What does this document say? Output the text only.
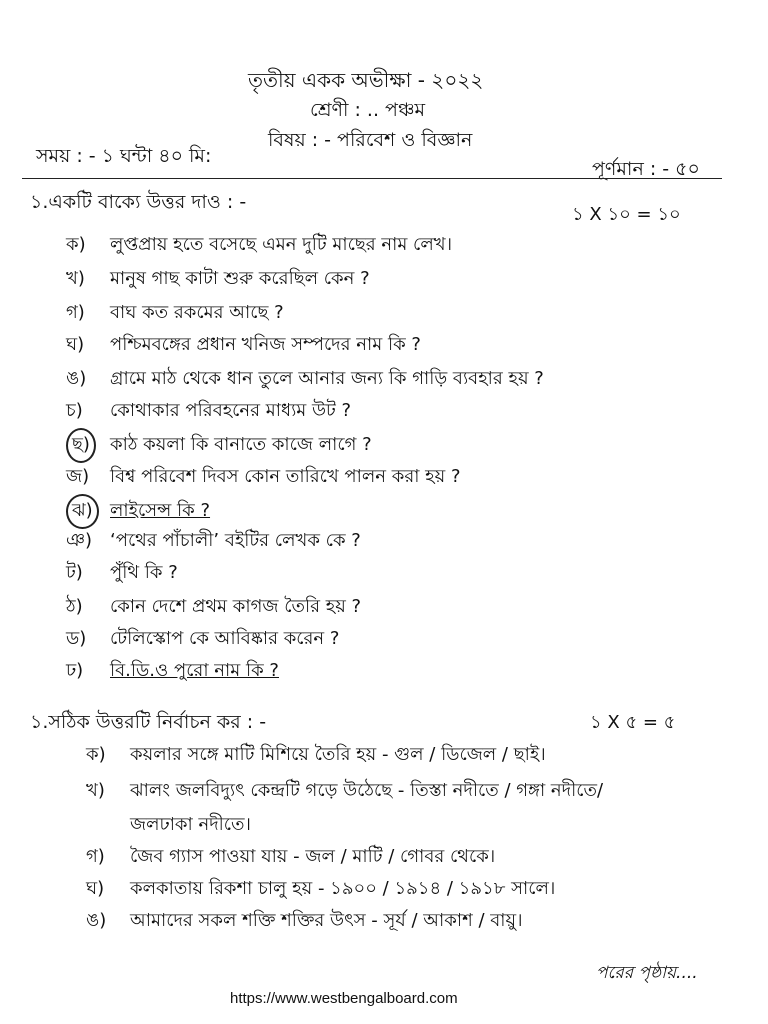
তৃতীয় একক অভীক্ষা - ২০২২
শ্রেণী : .. পঞ্চম
বিষয় : - পরিবেশ ও বিজ্ঞান
সময় : - ১ ঘন্টা ৪০ মি:
পূর্ণমান : - ৫০
১.একটি বাক্যে উত্তর দাও : -
১ X ১০ = ১০
ক) লুপ্তপ্রায় হতে বসেছে এমন দুটি মাছের নাম লেখ।
খ) মানুষ গাছ কাটা শুরু করেছিল কেন ?
গ) বাঘ কত রকমের আছে ?
ঘ) পশ্চিমবঙ্গের প্রধান খনিজ সম্পদের নাম কি ?
ঙ) গ্রামে মাঠ থেকে ধান তুলে আনার জন্য কি গাড়ি ব্যবহার হয় ?
চ) কোথাকার পরিবহনের মাধ্যম উট ?
ছ) কাঠ কয়লা কি বানাতে কাজে লাগে ?
জ) বিশ্ব পরিবেশ দিবস কোন তারিখে পালন করা হয় ?
ঝ) লাইসেন্স কি ?
ঞ) ‘পথের পাঁচালী’ বইটির লেখক কে ?
ট) পুঁথি কি ?
ঠ) কোন দেশে প্রথম কাগজ তৈরি হয় ?
ড) টেলিস্কোপ কে আবিষ্কার করেন ?
ঢ) বি.ডি.ও পুরো নাম কি ?
১.সঠিক উত্তরটি নির্বাচন কর : -	১ X ৫ = ৫
ক) কয়লার সঙ্গে মাটি মিশিয়ে তৈরি হয় - গুল / ডিজেল / ছাই।
খ) ঝালং জলবিদ্যুৎ কেন্দ্রটি গড়ে উঠেছে - তিস্তা নদীতে / গঙ্গা নদীতে/
জলঢাকা নদীতে।
গ) জৈব গ্যাস পাওয়া যায় - জল / মাটি / গোবর থেকে।
ঘ) কলকাতায় রিকশা চালু হয় - ১৯০০ / ১৯১৪ / ১৯১৮ সালে।
ঙ) আমাদের সকল শক্তি শক্তির উৎস - সূর্য / আকাশ / বায়ু।
পরের পৃষ্ঠায়....
https://www.westbengalboard.com
